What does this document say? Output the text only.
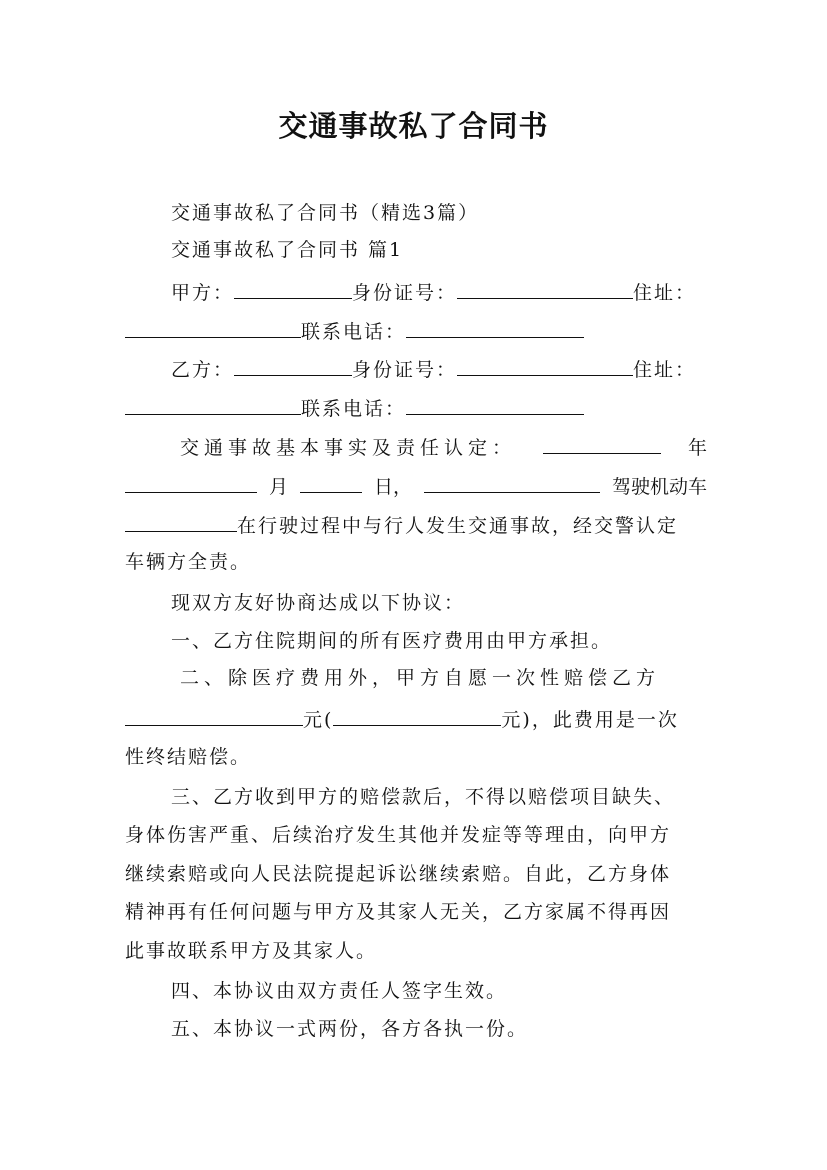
交通事故私了合同书
交通事故私了合同书（精选3篇）
交通事故私了合同书 篇1
甲方：	身份证号：	住址：
联系电话：
乙方：	身份证号：	住址：
联系电话：
交通事故基本事实及责任认定：	年
月	日，	驾驶机动车
在行驶过程中与行人发生交通事故，经交警认定
车辆方全责。
现双方友好协商达成以下协议：
一、乙方住院期间的所有医疗费用由甲方承担。
二、除医疗费用外，甲方自愿一次性赔偿乙方
元(	元)，此费用是一次
性终结赔偿。
三、乙方收到甲方的赔偿款后，不得以赔偿项目缺失、
身体伤害严重、后续治疗发生其他并发症等等理由，向甲方
继续索赔或向人民法院提起诉讼继续索赔。自此，乙方身体
精神再有任何问题与甲方及其家人无关，乙方家属不得再因
此事故联系甲方及其家人。
四、本协议由双方责任人签字生效。
五、本协议一式两份，各方各执一份。
